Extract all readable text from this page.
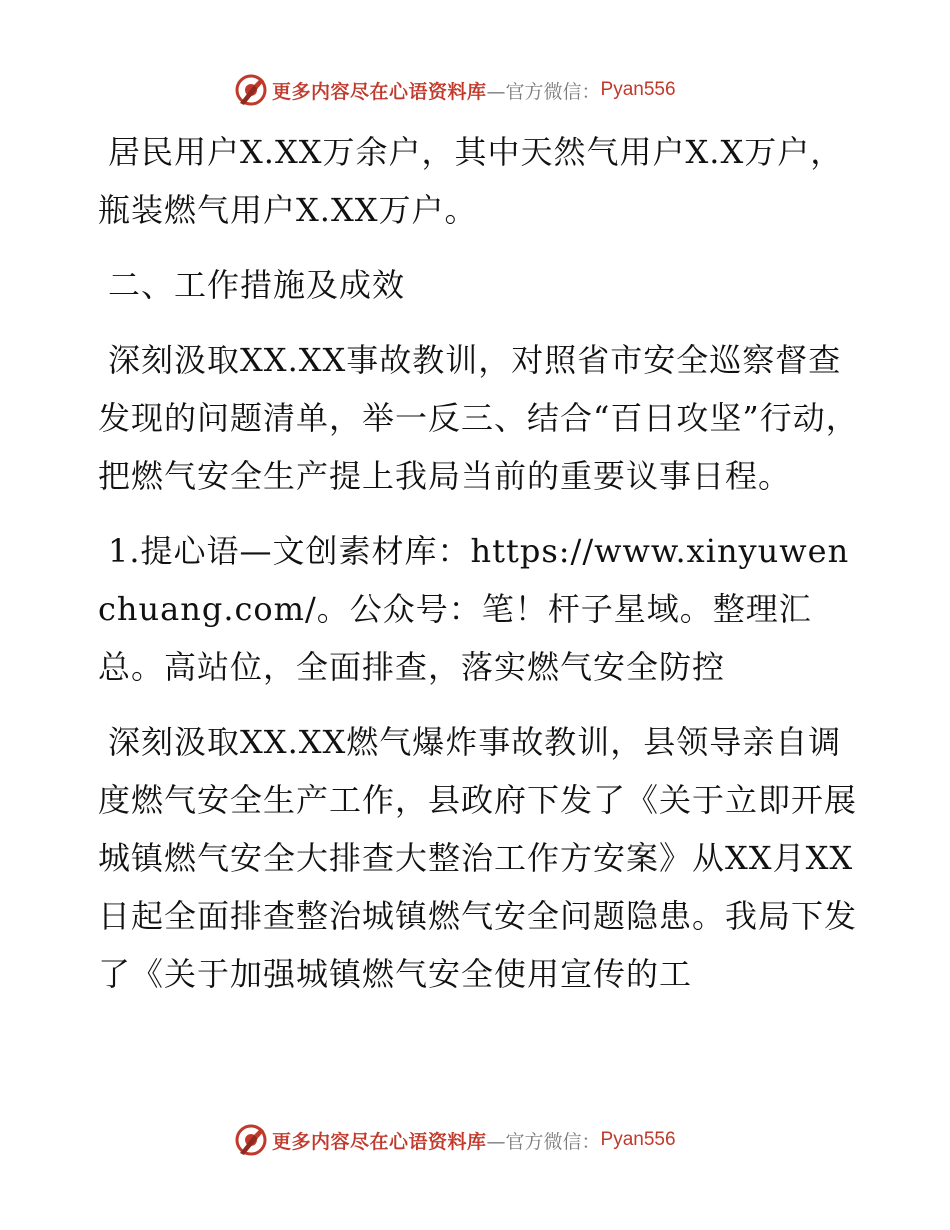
更多内容尽在心语资料库 —官方微信： Pyan556

居民用户X.XX万余户，其中天然气用户X.X万户，瓶装燃气用户X.XX万户。

二、工作措施及成效

深刻汲取XX.XX事故教训，对照省市安全巡察督查发现的问题清单，举一反三、结合“百日攻坚”行动，把燃气安全生产提上我局当前的重要议事日程。

1.提心语—文创素材库：https://www.xinyuwenchuang.com/。公众号：笔！杆子星域。整理汇总。高站位，全面排查，落实燃气安全防控

深刻汲取XX.XX燃气爆炸事故教训，县领导亲自调度燃气安全生产工作，县政府下发了《关于立即开展城镇燃气安全大排查大整治工作方安案》从XX月XX日起全面排查整治城镇燃气安全问题隐患。我局下发了《关于加强城镇燃气安全使用宣传的工

更多内容尽在心语资料库 —官方微信： Pyan556
